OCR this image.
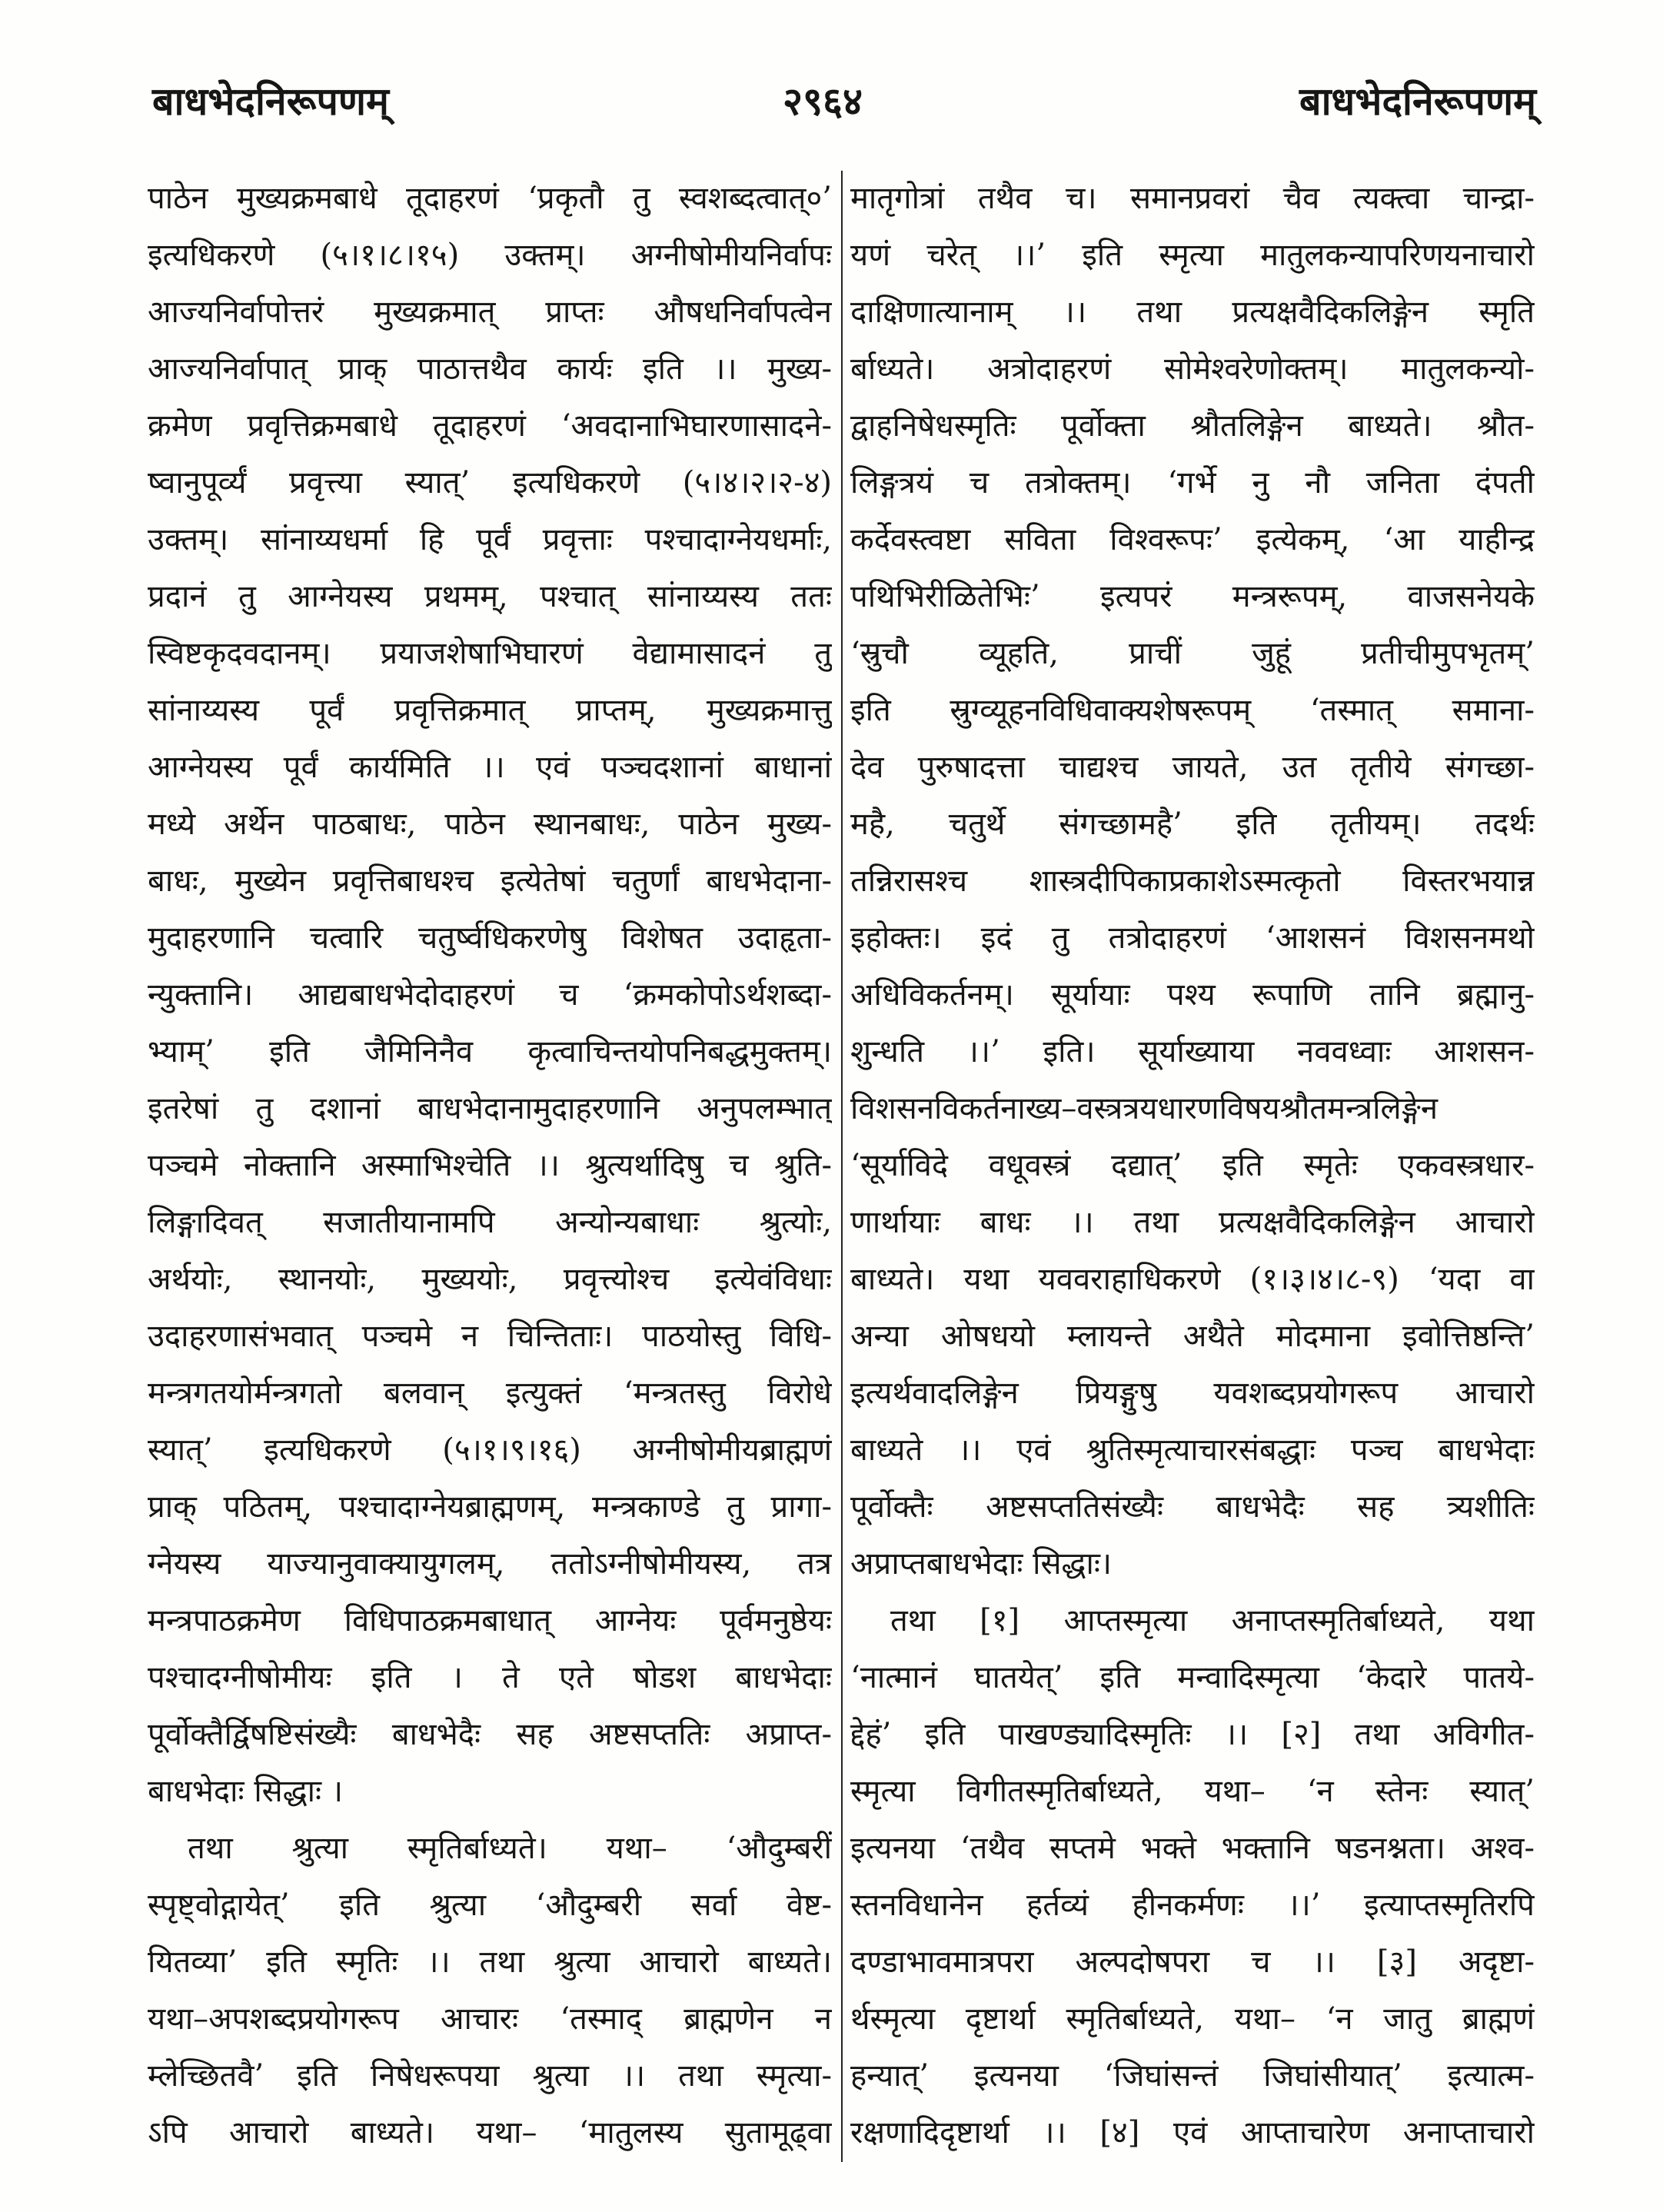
बाधभेदनिरूपणम्	२९६४	बाधभेदनिरूपणम्
पाठेन मुख्यक्रमबाधे तूदाहरणं ‘प्रकृतौ तु स्वशब्दत्वात्०’
इत्यधिकरणे (५।१।८।१५) उक्तम्। अग्नीषोमीयनिर्वापः
आज्यनिर्वापोत्तरं मुख्यक्रमात् प्राप्तः औषधनिर्वापत्वेन
आज्यनिर्वापात् प्राक् पाठात्तथैव कार्यः इति ।। मुख्य-
क्रमेण प्रवृत्तिक्रमबाधे तूदाहरणं ‘अवदानाभिघारणासादने-
ष्वानुपूर्व्यं प्रवृत्त्या स्यात्’ इत्यधिकरणे (५।४।२।२-४)
उक्तम्। सांनाय्यधर्मा हि पूर्वं प्रवृत्ताः पश्चादाग्नेयधर्माः,
प्रदानं तु आग्नेयस्य प्रथमम्, पश्चात् सांनाय्यस्य ततः
स्विष्टकृदवदानम्। प्रयाजशेषाभिघारणं वेद्यामासादनं तु
सांनाय्यस्य पूर्वं प्रवृत्तिक्रमात् प्राप्तम्, मुख्यक्रमात्तु
आग्नेयस्य पूर्वं कार्यमिति ।। एवं पञ्चदशानां बाधानां
मध्ये अर्थेन पाठबाधः, पाठेन स्थानबाधः, पाठेन मुख्य-
बाधः, मुख्येन प्रवृत्तिबाधश्च इत्येतेषां चतुर्णां बाधभेदाना-
मुदाहरणानि चत्वारि चतुर्ष्वधिकरणेषु विशेषत उदाहृता-
न्युक्तानि। आद्यबाधभेदोदाहरणं च ‘क्रमकोपोऽर्थशब्दा-
भ्याम्’ इति जैमिनिनैव कृत्वाचिन्तयोपनिबद्धमुक्तम्।
इतरेषां तु दशानां बाधभेदानामुदाहरणानि अनुपलम्भात्
पञ्चमे नोक्तानि अस्माभिश्चेति ।। श्रुत्यर्थादिषु च श्रुति-
लिङ्गादिवत् सजातीयानामपि अन्योन्यबाधाः श्रुत्योः,
अर्थयोः, स्थानयोः, मुख्ययोः, प्रवृत्त्योश्च इत्येवंविधाः
उदाहरणासंभवात् पञ्चमे न चिन्तिताः। पाठयोस्तु विधि-
मन्त्रगतयोर्मन्त्रगतो बलवान् इत्युक्तं ‘मन्त्रतस्तु विरोधे
स्यात्’ इत्यधिकरणे (५।१।९।१६) अग्नीषोमीयब्राह्मणं
प्राक् पठितम्, पश्चादाग्नेयब्राह्मणम्, मन्त्रकाण्डे तु प्रागा-
ग्नेयस्य याज्यानुवाक्यायुगलम्, ततोऽग्नीषोमीयस्य, तत्र
मन्त्रपाठक्रमेण विधिपाठक्रमबाधात् आग्नेयः पूर्वमनुष्ठेयः
पश्चादग्नीषोमीयः इति । ते एते षोडश बाधभेदाः
पूर्वोक्तैर्द्विषष्टिसंख्यैः बाधभेदैः सह अष्टसप्ततिः अप्राप्त-
बाधभेदाः सिद्धाः ।
तथा श्रुत्या स्मृतिर्बाध्यते। यथा– ‘औदुम्बरीं
स्पृष्ट्वोद्गायेत्’ इति श्रुत्या ‘औदुम्बरी सर्वा वेष्ट-
यितव्या’ इति स्मृतिः ।। तथा श्रुत्या आचारो बाध्यते।
यथा–अपशब्दप्रयोगरूप आचारः ‘तस्माद् ब्राह्मणेन न
म्लेच्छितवै’ इति निषेधरूपया श्रुत्या ।। तथा स्मृत्या-
ऽपि आचारो बाध्यते। यथा– ‘मातुलस्य सुतामूढ्वा
मातृगोत्रां तथैव च। समानप्रवरां चैव त्यक्त्वा चान्द्रा-
यणं चरेत् ।।’ इति स्मृत्या मातुलकन्यापरिणयनाचारो
दाक्षिणात्यानाम् ।। तथा प्रत्यक्षवैदिकलिङ्गेन स्मृति
र्बाध्यते। अत्रोदाहरणं सोमेश्वरेणोक्तम्। मातुलकन्यो-
द्वाहनिषेधस्मृतिः पूर्वोक्ता श्रौतलिङ्गेन बाध्यते। श्रौत-
लिङ्गत्रयं च तत्रोक्तम्। ‘गर्भे नु नौ जनिता दंपती
कर्देवस्त्वष्टा सविता विश्वरूपः’ इत्येकम्, ‘आ याहीन्द्र
पथिभिरीळितेभिः’ इत्यपरं मन्त्ररूपम्, वाजसनेयके
‘स्रुचौ व्यूहति, प्राचीं जुहूं प्रतीचीमुपभृतम्’
इति स्रुग्व्यूहनविधिवाक्यशेषरूपम् ‘तस्मात् समाना-
देव पुरुषादत्ता चाद्यश्च जायते, उत तृतीये संगच्छा-
महै, चतुर्थे संगच्छामहै’ इति तृतीयम्। तदर्थः
तन्निरासश्च शास्त्रदीपिकाप्रकाशेऽस्मत्कृतो विस्तरभयान्न
इहोक्तः। इदं तु तत्रोदाहरणं ‘आशसनं विशसनमथो
अधिविकर्तनम्। सूर्यायाः पश्य रूपाणि तानि ब्रह्मानु-
शुन्धति ।।’ इति। सूर्याख्याया नववध्वाः आशसन-
विशसनविकर्तनाख्य–वस्त्रत्रयधारणविषयश्रौतमन्त्रलिङ्गेन
‘सूर्याविदे वधूवस्त्रं दद्यात्’ इति स्मृतेः एकवस्त्रधार-
णार्थायाः बाधः ।। तथा प्रत्यक्षवैदिकलिङ्गेन आचारो
बाध्यते। यथा यववराहाधिकरणे (१।३।४।८-९) ‘यदा वा
अन्या ओषधयो म्लायन्ते अथैते मोदमाना इवोत्तिष्ठन्ति’
इत्यर्थवादलिङ्गेन प्रियङ्गुषु यवशब्दप्रयोगरूप आचारो
बाध्यते ।। एवं श्रुतिस्मृत्याचारसंबद्धाः पञ्च बाधभेदाः
पूर्वोक्तैः अष्टसप्ततिसंख्यैः बाधभेदैः सह त्र्यशीतिः
अप्राप्तबाधभेदाः सिद्धाः।
तथा [१] आप्तस्मृत्या अनाप्तस्मृतिर्बाध्यते, यथा
‘नात्मानं घातयेत्’ इति मन्वादिस्मृत्या ‘केदारे पातये-
द्देहं’ इति पाखण्ड्यादिस्मृतिः ।। [२] तथा अविगीत-
स्मृत्या विगीतस्मृतिर्बाध्यते, यथा– ‘न स्तेनः स्यात्’
इत्यनया ‘तथैव सप्तमे भक्ते भक्तानि षडनश्नता। अश्व-
स्तनविधानेन हर्तव्यं हीनकर्मणः ।।’ इत्याप्तस्मृतिरपि
दण्डाभावमात्रपरा अल्पदोषपरा च ।। [३] अदृष्टा-
र्थस्मृत्या दृष्टार्था स्मृतिर्बाध्यते, यथा– ‘न जातु ब्राह्मणं
हन्यात्’ इत्यनया ‘जिघांसन्तं जिघांसीयात्’ इत्यात्म-
रक्षणादिदृष्टार्था ।। [४] एवं आप्ताचारेण अनाप्ताचारो
